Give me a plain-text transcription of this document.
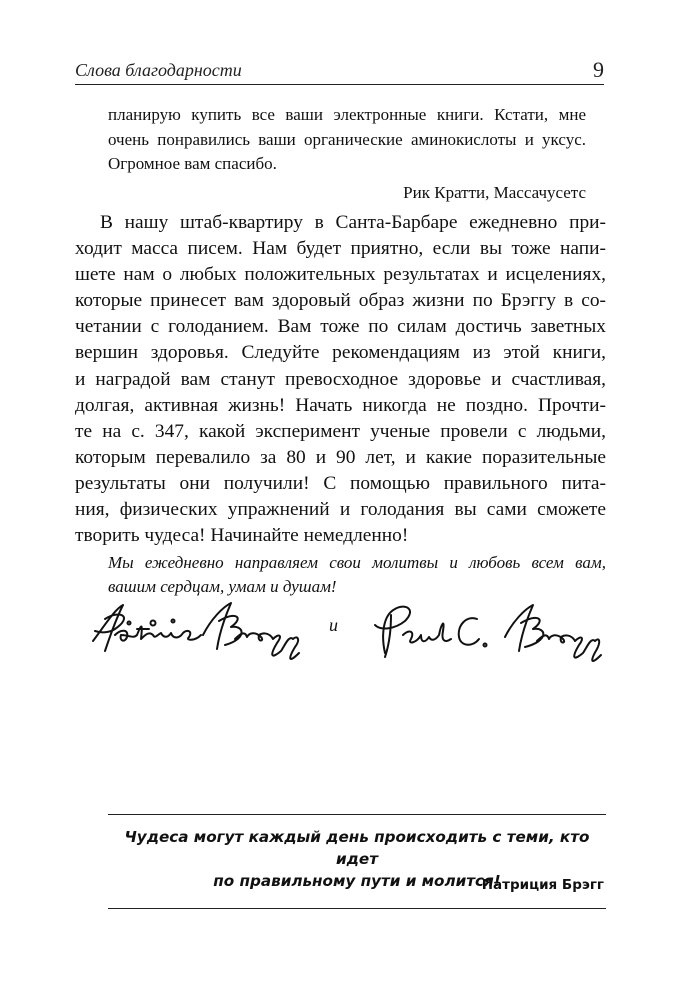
Слова благодарности	9

планирую купить все ваши электронные книги. Кстати, мне очень понравились ваши органические аминокислоты и уксус. Огромное вам спасибо.

Рик Кратти, Массачусетс

В нашу штаб-квартиру в Санта-Барбаре ежедневно при-
ходит масса писем. Нам будет приятно, если вы тоже напи-
шете нам о любых положительных результатах и исцелениях,
которые принесет вам здоровый образ жизни по Брэггу в со-
четании с голоданием. Вам тоже по силам достичь заветных
вершин здоровья. Следуйте рекомендациям из этой книги,
и наградой вам станут превосходное здоровье и счастливая,
долгая, активная жизнь! Начать никогда не поздно. Прочти-
те на с. 347, какой эксперимент ученые провели с людьми,
которым перевалило за 80 и 90 лет, и какие поразительные
результаты они получили! С помощью правильного пита-
ния, физических упражнений и голодания вы сами сможете
творить чудеса! Начинайте немедленно!
Мы ежедневно направляем свои молитвы и любовь всем вам,
вашим сердцам, умам и душам!
и
Чудеса могут каждый день происходить с теми, кто идет
по правильному пути и молится!
Патриция Брэгг
